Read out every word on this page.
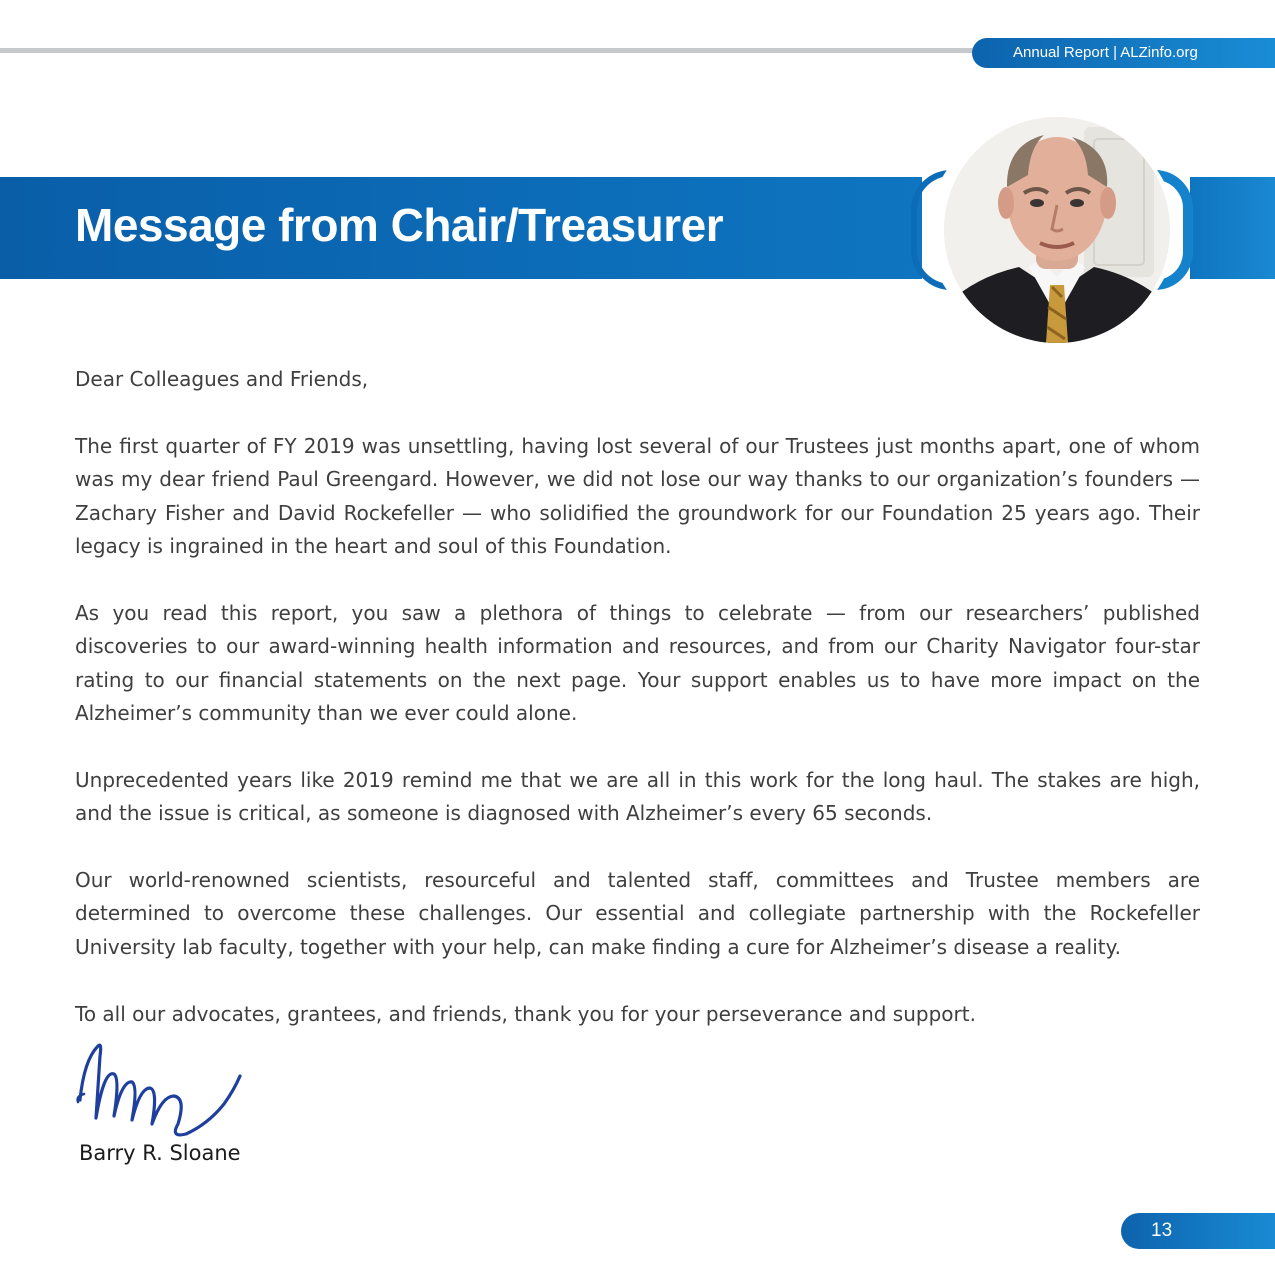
Annual Report | ALZinfo.org
Message from Chair/Treasurer

Dear Colleagues and Friends,

The first quarter of FY 2019 was unsettling, having lost several of our Trustees just months apart, one of whom was my dear friend Paul Greengard. However, we did not lose our way thanks to our organization’s founders — Zachary Fisher and David Rockefeller — who solidified the groundwork for our Foundation 25 years ago. Their legacy is ingrained in the heart and soul of this Foundation.

As you read this report, you saw a plethora of things to celebrate — from our researchers’ published discoveries to our award-winning health information and resources, and from our Charity Navigator four-star rating to our financial statements on the next page. Your support enables us to have more impact on the Alzheimer’s community than we ever could alone.

Unprecedented years like 2019 remind me that we are all in this work for the long haul. The stakes are high, and the issue is critical, as someone is diagnosed with Alzheimer’s every 65 seconds.

Our world-renowned scientists, resourceful and talented staff, committees and Trustee members are determined to overcome these challenges. Our essential and collegiate partnership with the Rockefeller University lab faculty, together with your help, can make finding a cure for Alzheimer’s disease a reality.

To all our advocates, grantees, and friends, thank you for your perseverance and support.

Barry R. Sloane
13
